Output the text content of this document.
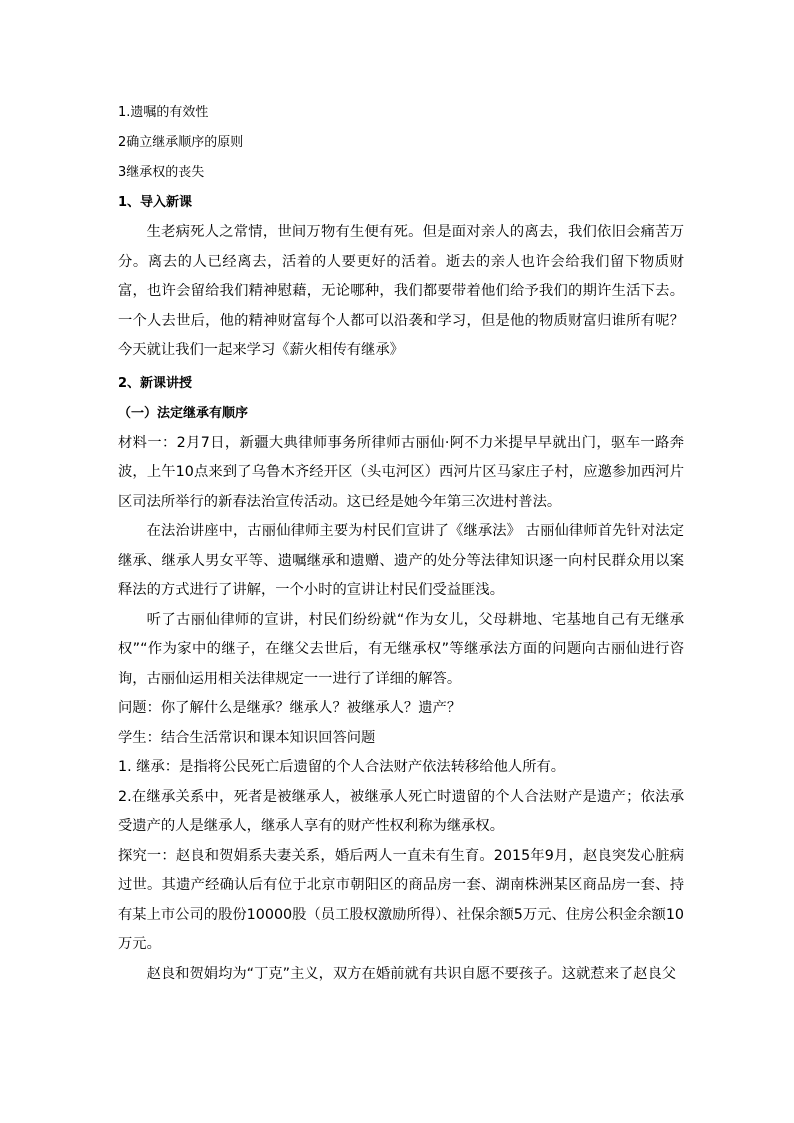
1.遗嘱的有效性
2确立继承顺序的原则
3继承权的丧失
1、导入新课

生老病死人之常情，世间万物有生便有死。但是面对亲人的离去，我们依旧会痛苦万分。离去的人已经离去，活着的人要更好的活着。逝去的亲人也许会给我们留下物质财富，也许会留给我们精神慰藉，无论哪种，我们都要带着他们给予我们的期许生活下去。一个人去世后，他的精神财富每个人都可以沿袭和学习，但是他的物质财富归谁所有呢？今天就让我们一起来学习《薪火相传有继承》

2、新课讲授
（一）法定继承有顺序

材料一：2月7日，新疆大典律师事务所律师古丽仙·阿不力米提早早就出门，驱车一路奔波，上午10点来到了乌鲁木齐经开区（头屯河区）西河片区马家庄子村，应邀参加西河片区司法所举行的新春法治宣传活动。这已经是她今年第三次进村普法。

在法治讲座中，古丽仙律师主要为村民们宣讲了《继承法》 古丽仙律师首先针对法定继承、继承人男女平等、遗嘱继承和遗赠、遗产的处分等法律知识逐一向村民群众用以案释法的方式进行了讲解，一个小时的宣讲让村民们受益匪浅。

听了古丽仙律师的宣讲，村民们纷纷就“作为女儿，父母耕地、宅基地自己有无继承权”“作为家中的继子，在继父去世后，有无继承权”等继承法方面的问题向古丽仙进行咨询，古丽仙运用相关法律规定一一进行了详细的解答。

问题：你了解什么是继承？继承人？被继承人？遗产？

学生：结合生活常识和课本知识回答问题

1. 继承：是指将公民死亡后遗留的个人合法财产依法转移给他人所有。

2.在继承关系中，死者是被继承人，被继承人死亡时遗留的个人合法财产是遗产；依法承受遗产的人是继承人，继承人享有的财产性权利称为继承权。

探究一：赵良和贺娟系夫妻关系，婚后两人一直未有生育。2015年9月，赵良突发心脏病过世。其遗产经确认后有位于北京市朝阳区的商品房一套、湖南株洲某区商品房一套、持有某上市公司的股份10000股（员工股权激励所得）、社保余额5万元、住房公积金余额10万元。

赵良和贺娟均为“丁克”主义，双方在婚前就有共识自愿不要孩子。这就惹来了赵良父
